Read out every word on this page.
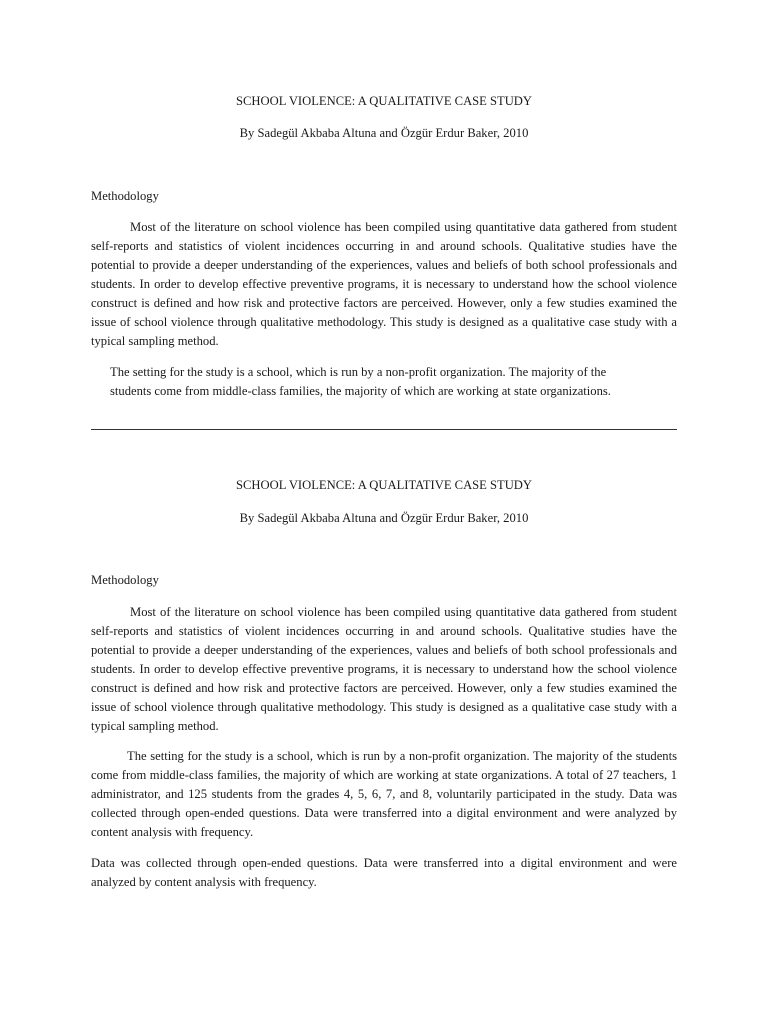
SCHOOL VIOLENCE: A QUALITATIVE CASE STUDY
By Sadegül Akbaba Altuna and Özgür Erdur Baker, 2010
Methodology

Most of the literature on school violence has been compiled using quantitative data gathered from student self-reports and statistics of violent incidences occurring in and around schools. Qualitative studies have the potential to provide a deeper understanding of the experiences, values and beliefs of both school professionals and students. In order to develop effective preventive programs, it is necessary to understand how the school violence construct is defined and how risk and protective factors are perceived. However, only a few studies examined the issue of school violence through qualitative methodology. This study is designed as a qualitative case study with a typical sampling method.

The setting for the study is a school, which is run by a non-profit organization. The majority of the

students come from middle-class families, the majority of which are working at state organizations.

SCHOOL VIOLENCE: A QUALITATIVE CASE STUDY
By Sadegül Akbaba Altuna and Özgür Erdur Baker, 2010
Methodology

Most of the literature on school violence has been compiled using quantitative data gathered from student self-reports and statistics of violent incidences occurring in and around schools. Qualitative studies have the potential to provide a deeper understanding of the experiences, values and beliefs of both school professionals and students. In order to develop effective preventive programs, it is necessary to understand how the school violence construct is defined and how risk and protective factors are perceived. However, only a few studies examined the issue of school violence through qualitative methodology. This study is designed as a qualitative case study with a typical sampling method.

The setting for the study is a school, which is run by a non-profit organization. The majority of the students come from middle-class families, the majority of which are working at state organizations. A total of 27 teachers, 1 administrator, and 125 students from the grades 4, 5, 6, 7, and 8, voluntarily participated in the study. Data was collected through open-ended questions. Data were transferred into a digital environment and were analyzed by content analysis with frequency.

Data was collected through open-ended questions. Data were transferred into a digital environment and were analyzed by content analysis with frequency.
